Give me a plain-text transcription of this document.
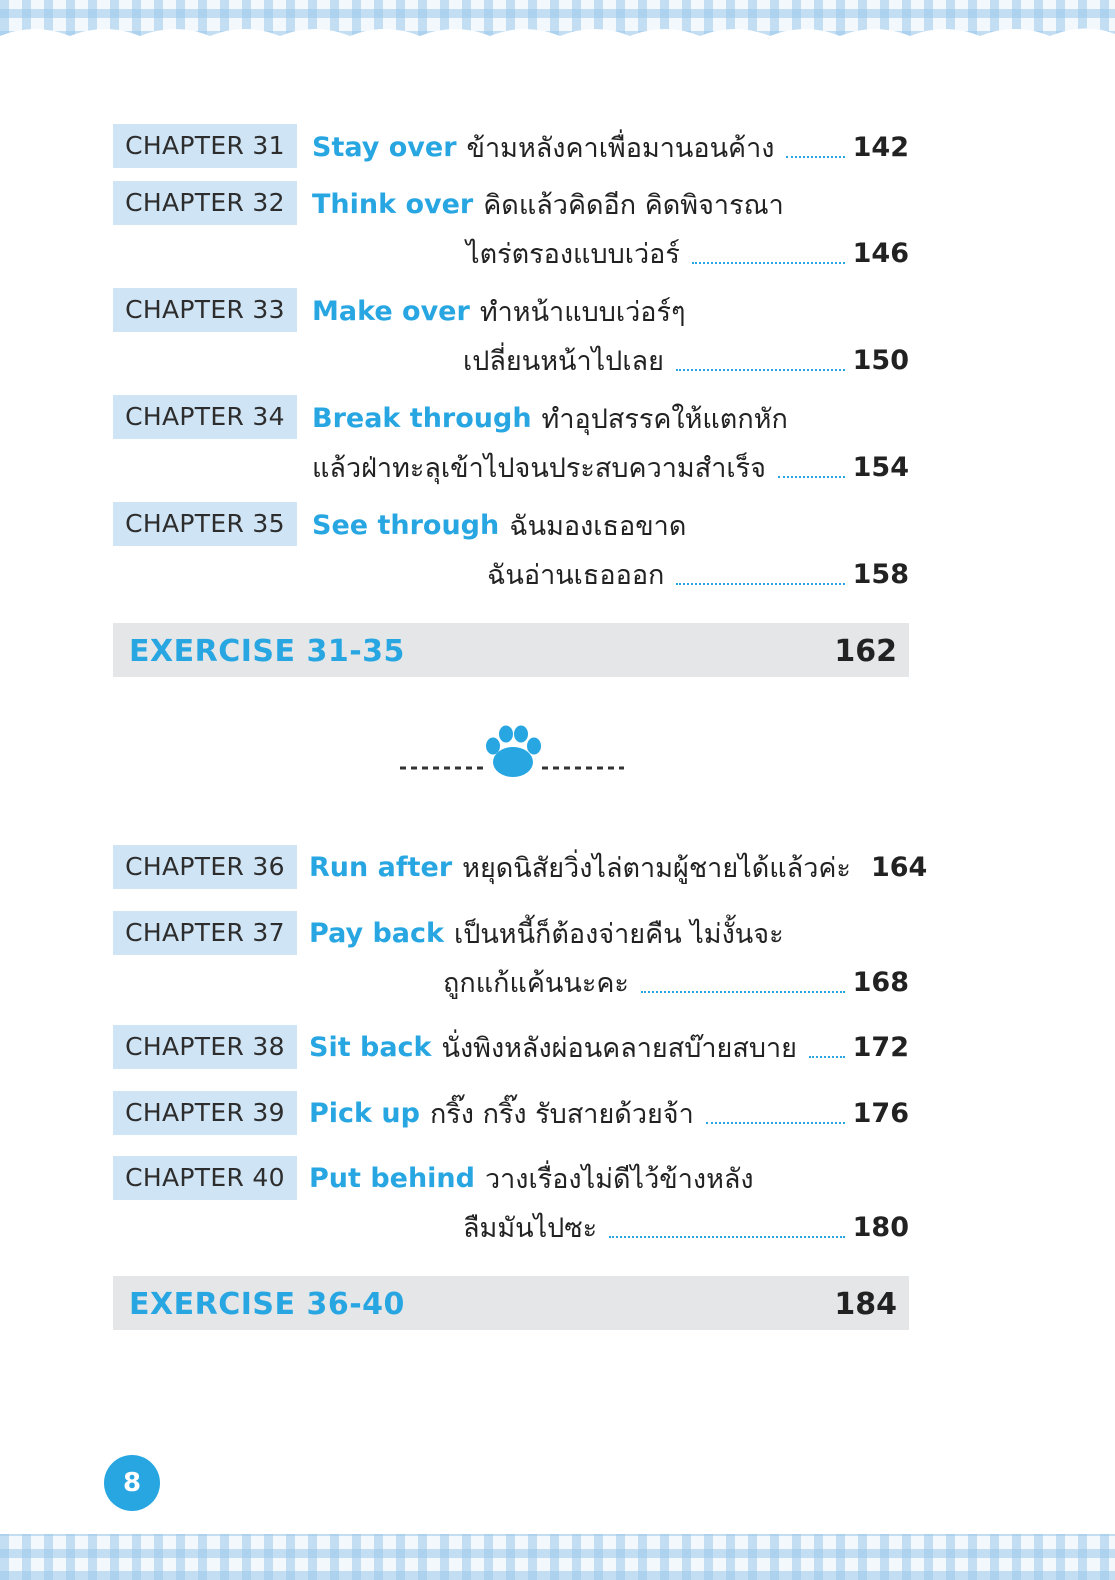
CHAPTER 31	Stay over ข้ามหลังคาเพื่อมานอนค้าง	142
CHAPTER 32	Think over คิดแล้วคิดอีก คิดพิจารณา
ไตร่ตรองแบบเว่อร์	146
CHAPTER 33	Make over ทำหน้าแบบเว่อร์ๆ
เปลี่ยนหน้าไปเลย	150
CHAPTER 34	Break through ทำอุปสรรคให้แตกหัก
แล้วฝ่าทะลุเข้าไปจนประสบความสำเร็จ	154
CHAPTER 35	See through ฉันมองเธอขาด
ฉันอ่านเธอออก	158
EXERCISE 31-35	162
CHAPTER 36 Run after หยุดนิสัยวิ่งไล่ตามผู้ชายได้แล้วค่ะ 164
CHAPTER 37 Pay back เป็นหนี้ก็ต้องจ่ายคืน ไม่งั้นจะ
ถูกแก้แค้นนะคะ	168
CHAPTER 38 Sit back นั่งพิงหลังผ่อนคลายสบ๊ายสบาย 172
CHAPTER 39 Pick up กริ๊ง กริ๊ง รับสายด้วยจ้า	176
CHAPTER 40 Put behind วางเรื่องไม่ดีไว้ข้างหลัง
ลืมมันไปซะ	180
EXERCISE 36-40	184
8
